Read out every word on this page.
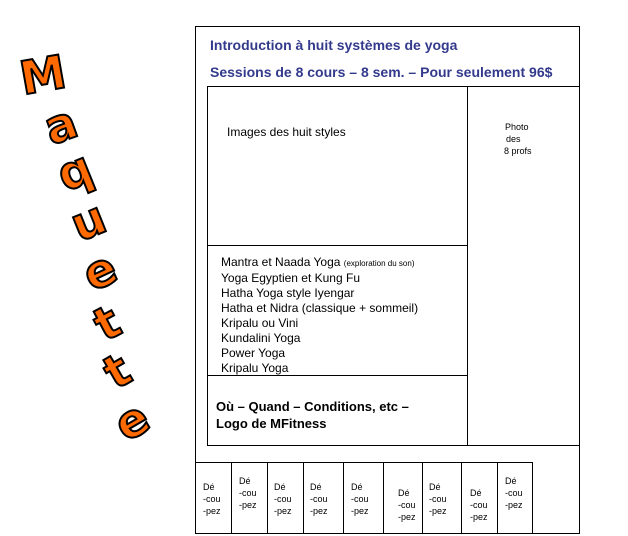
M
a
q
u
e
t
t
e
Introduction à huit systèmes de yoga
Sessions de 8 cours – 8 sem. – Pour seulement 96$
Images des huit styles	Photo
des
8 profs
Mantra et Naada Yoga (exploration du son)
Yoga Egyptien et Kung Fu
Hatha Yoga style Iyengar
Hatha et Nidra (classique + sommeil)
Kripalu ou Vini
Kundalini Yoga
Power Yoga
Kripalu Yoga
Où – Quand – Conditions, etc –
Logo de MFitness
Dé
-cou
-pez
Dé
-cou
-pez
Dé
-cou
-pez
Dé
-cou
-pez
Dé
-cou
-pez
Dé
-cou
-pez
Dé
-cou
-pez
Dé
-cou
-pez
Dé
-cou
-pez
